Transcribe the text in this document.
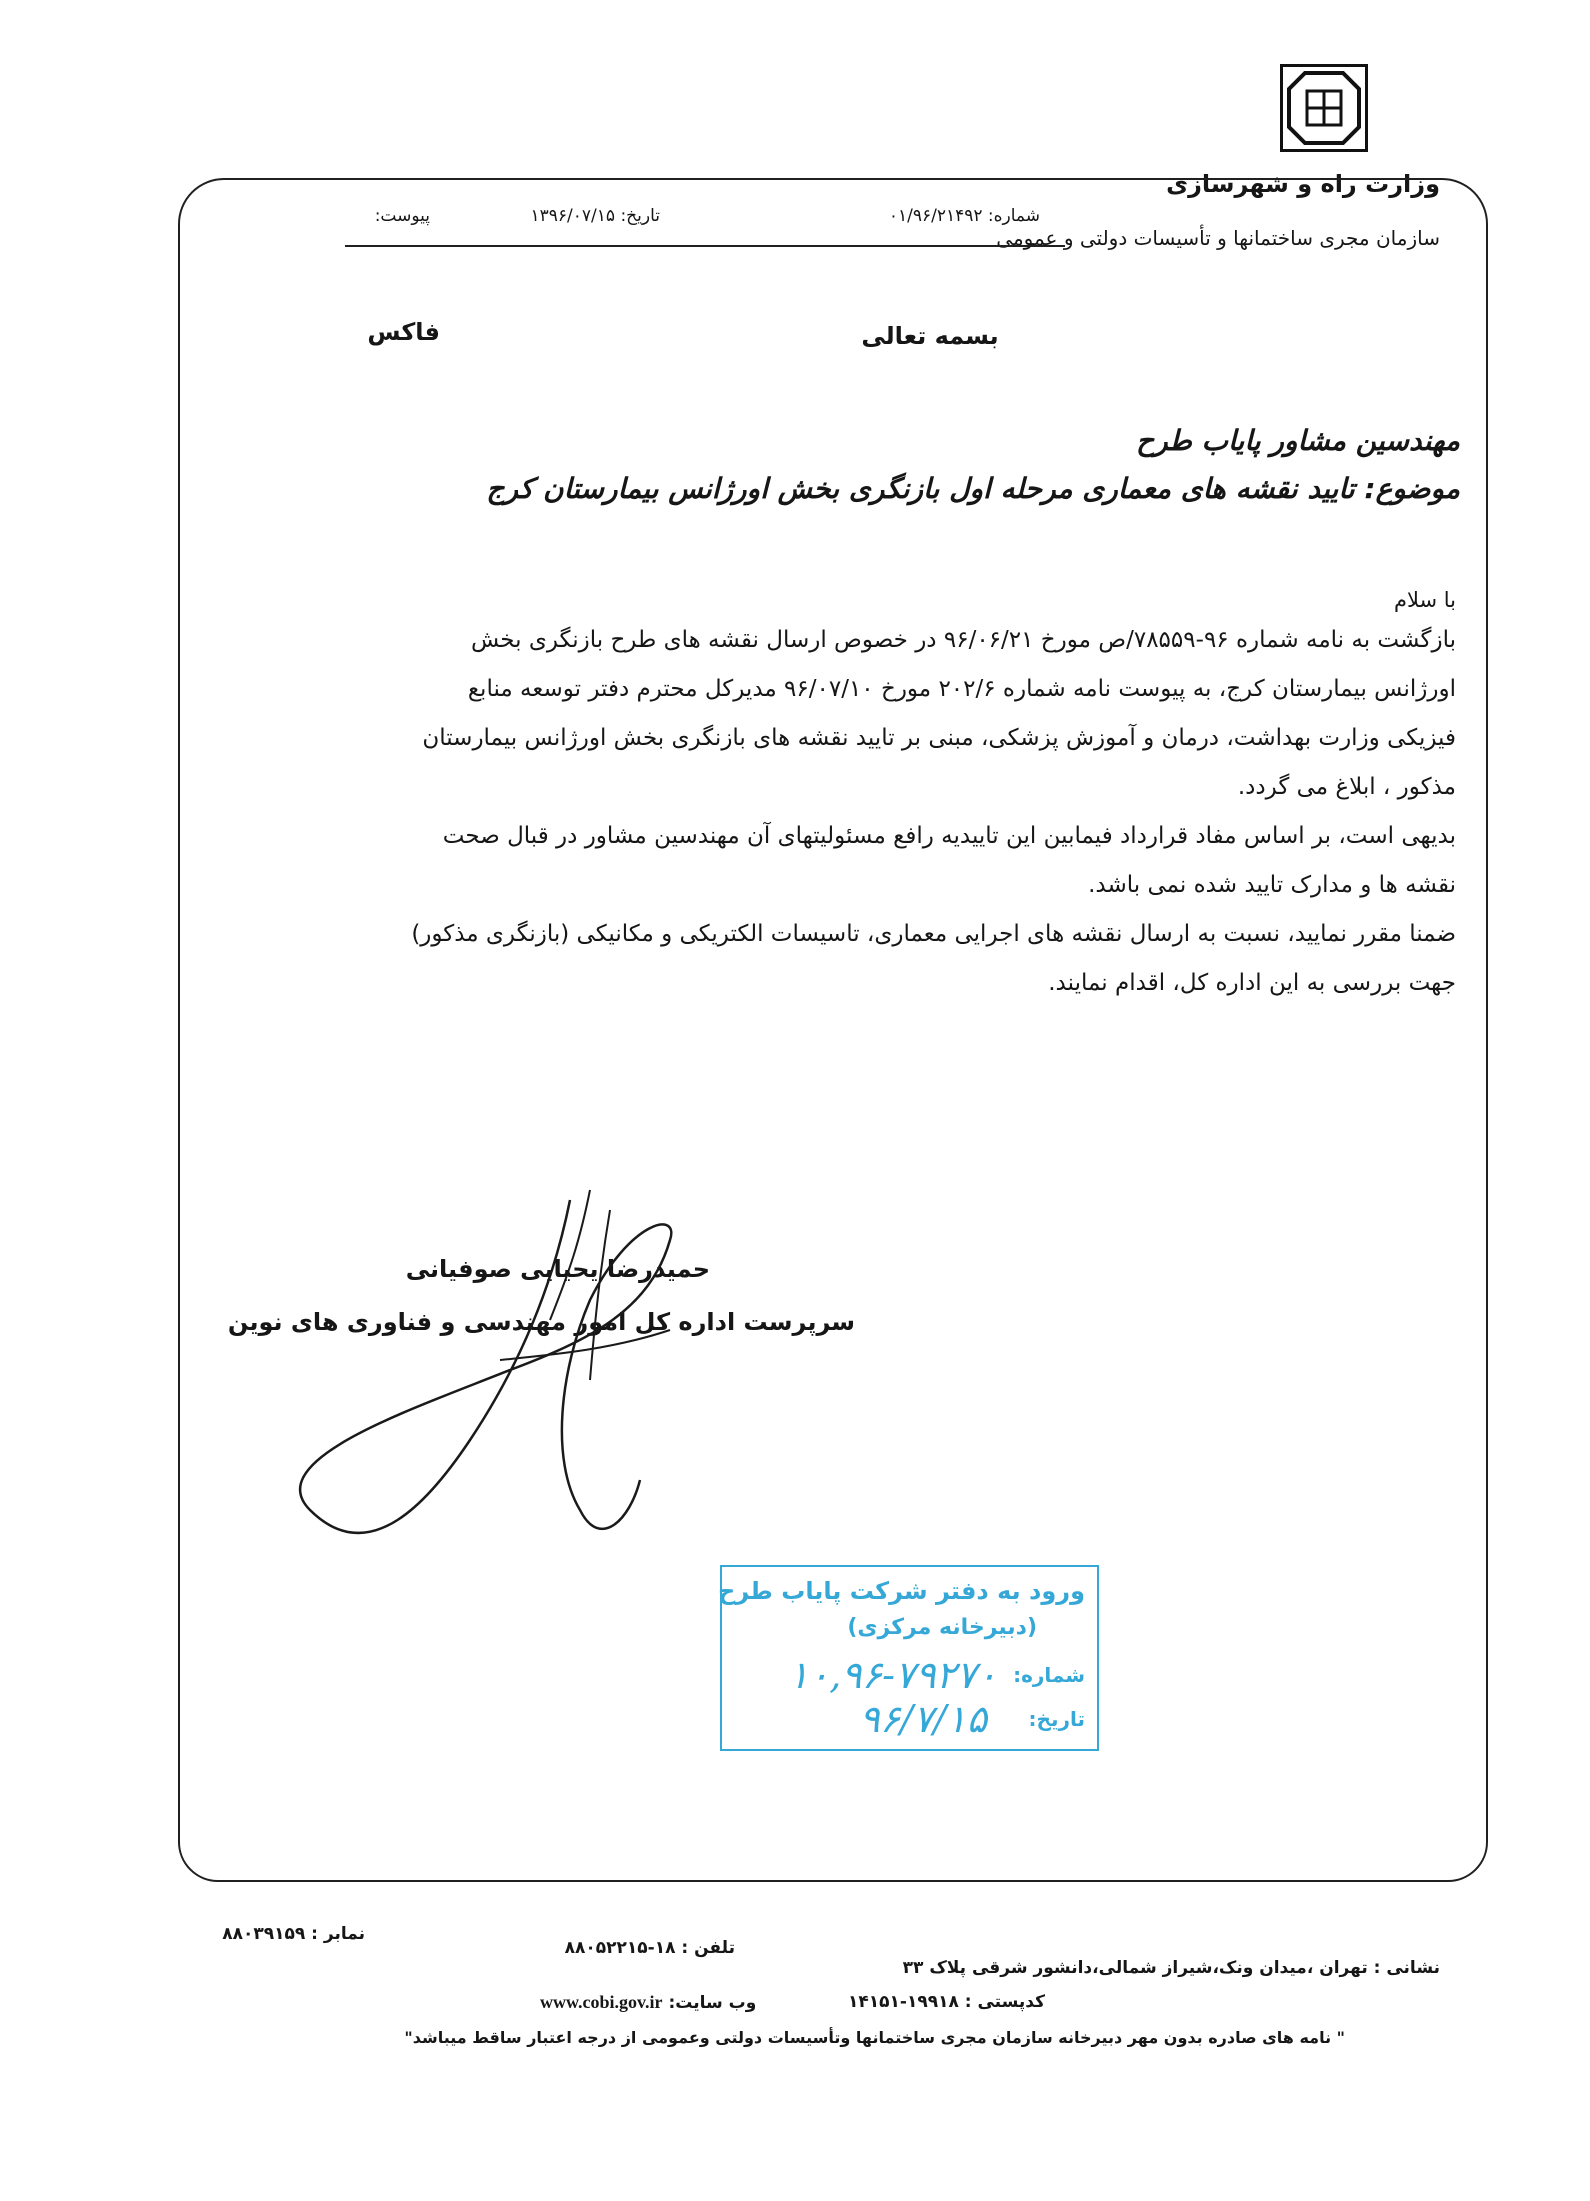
وزارت راه و شهرسازی
سازمان مجری ساختمانها و تأسیسات دولتی و عمومی
شماره: ۰۱/۹۶/۲۱۴۹۲
تاریخ: ۱۳۹۶/۰۷/۱۵
پیوست:
بسمه تعالی
فاکس
مهندسین مشاور پایاب طرح
موضوع: تایید نقشه های معماری مرحله اول بازنگری بخش اورژانس بیمارستان کرج
با سلام
بازگشت به نامه شماره ۹۶-۷۸۵۵۹/ص مورخ ۹۶/۰۶/۲۱ در خصوص ارسال نقشه های طرح بازنگری بخش
اورژانس بیمارستان کرج، به پیوست نامه شماره ۲۰۲/۶ مورخ ۹۶/۰۷/۱۰ مدیرکل محترم دفتر توسعه منابع
فیزیکی وزارت بهداشت، درمان و آموزش پزشکی، مبنی بر تایید نقشه های بازنگری بخش اورژانس بیمارستان
مذکور ، ابلاغ می گردد.
بدیهی است، بر اساس مفاد قرارداد فیمابین این تاییدیه رافع مسئولیتهای آن مهندسین مشاور در قبال صحت
نقشه ها و مدارک تایید شده نمی باشد.
ضمنا مقرر نمایید، نسبت به ارسال نقشه های اجرایی معماری، تاسیسات الکتریکی و مکانیکی (بازنگری مذکور)
جهت بررسی به این اداره کل، اقدام نمایند.
حمیدرضا یحیایی صوفیانی
سرپرست اداره کل امور مهندسی و فناوری های نوین
ورود به دفتر شرکت پایاب طرح
(دبیرخانه مرکزی)
شماره:
۱۰,۹۶-۷۹۲۷۰
تاریخ:
۹۶/۷/۱۵
نشانی : تهران ،میدان ونک،شیراز شمالی،دانشور شرقی پلاک ۳۳
تلفن : ۱۸-۸۸۰۵۲۲۱۵
نمابر : ۸۸۰۳۹۱۵۹
کدپستی : ۱۹۹۱۸-۱۴۱۵۱
www.cobi.gov.ir وب سایت:
" نامه های صادره بدون مهر دبیرخانه سازمان مجری ساختمانها وتأسیسات دولتی وعمومی از درجه اعتبار ساقط میباشد"
